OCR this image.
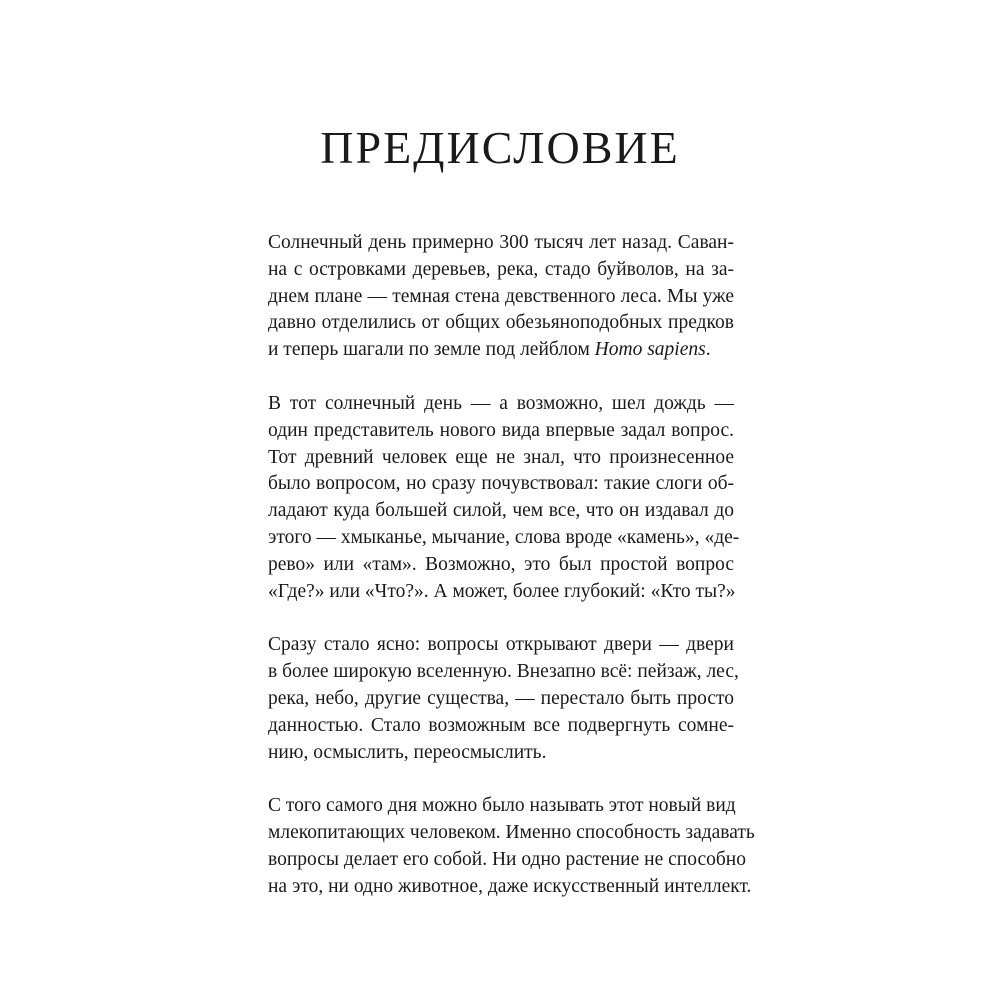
ПРЕДИСЛОВИЕ

Солнечный день примерно 300 тысяч лет назад. Саван-
на с островками деревьев, река, стадо буйволов, на за-
днем плане — темная стена девственного леса. Мы уже
давно отделились от общих обезьяноподобных предков
и теперь шагали по земле под лейблом Homo sapiens.

В тот солнечный день — а возможно, шел дождь —
один представитель нового вида впервые задал вопрос.
Тот древний человек еще не знал, что произнесенное
было вопросом, но сразу почувствовал: такие слоги об-
ладают куда большей силой, чем все, что он издавал до
этого — хмыканье, мычание, слова вроде «камень», «де-
рево» или «там». Возможно, это был простой вопрос
«Где?» или «Что?». А может, более глубокий: «Кто ты?»

Сразу стало ясно: вопросы открывают двери — двери
в более широкую вселенную. Внезапно всё: пейзаж, лес,
река, небо, другие существа, — перестало быть просто
данностью. Стало возможным все подвергнуть сомне-
нию, осмыслить, переосмыслить.

С того самого дня можно было называть этот новый вид
млекопитающих человеком. Именно способность задавать
вопросы делает его собой. Ни одно растение не способно
на это, ни одно животное, даже искусственный интеллект.
